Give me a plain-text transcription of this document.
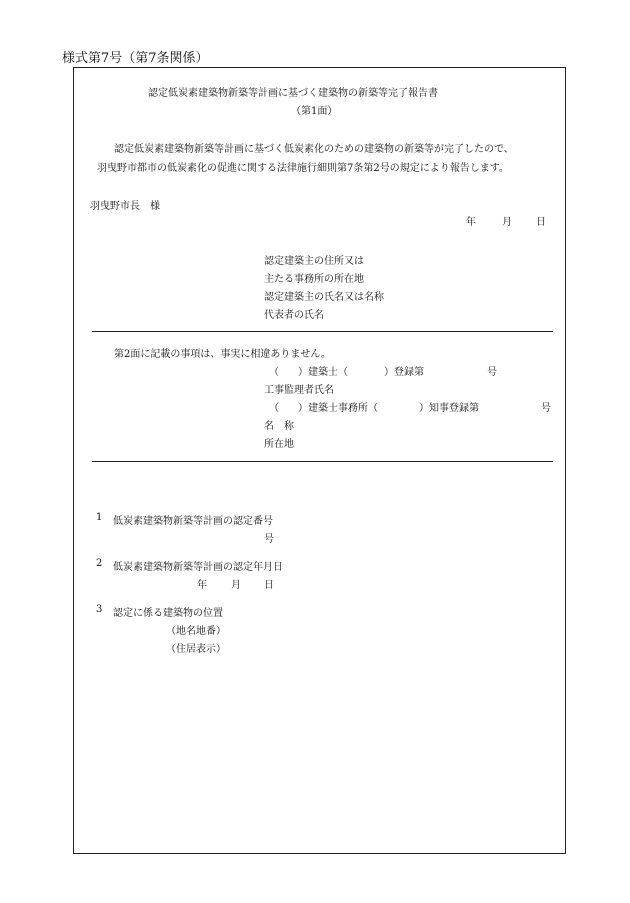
様式第7号（第7条関係）
認定低炭素建築物新築等計画に基づく建築物の新築等完了報告書
（第1面）
認定低炭素建築物新築等計画に基づく低炭素化のための建築物の新築等が完了したので、
羽曳野市都市の低炭素化の促進に関する法律施行細則第7条第2号の規定により報告します。
羽曳野市長　様
年	月 日
認定建築主の住所又は
主たる事務所の所在地
認定建築主の氏名又は名称
代表者の氏名
第2面に記載の事項は、事実に相違ありません。
（ ）建築士（	）登録第	号
工事監理者氏名
（ ）建築士事務所（	）知事登録第	号
名　称
所在地
1 低炭素建築物新築等計画の認定番号
号
2 低炭素建築物新築等計画の認定年月日
年 月 日
3 認定に係る建築物の位置
（地名地番）
（住居表示）
